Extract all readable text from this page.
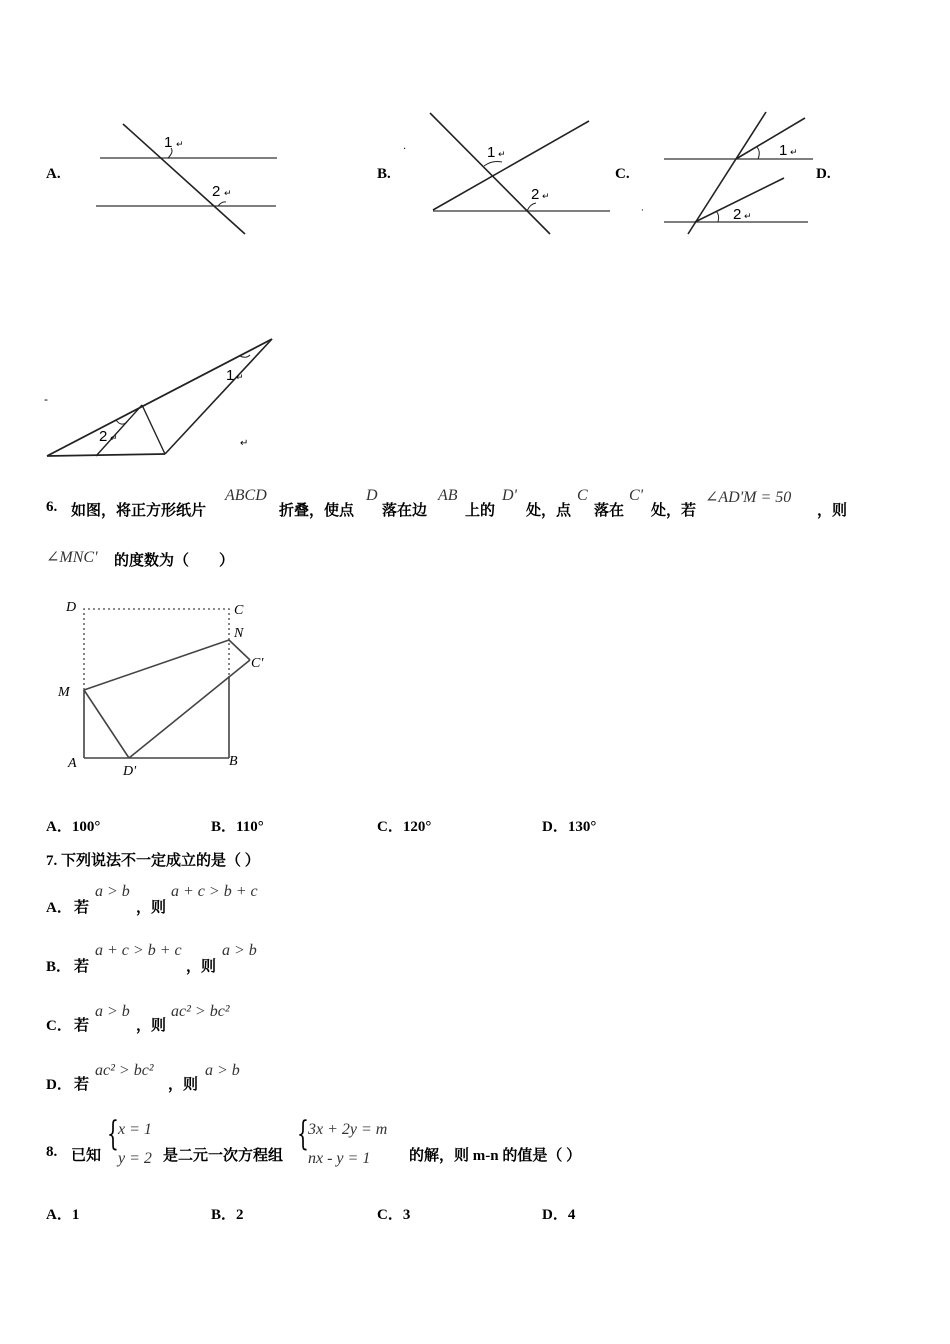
A.
1 ↵
2 ↵
B.
·	1 ↵
2 ↵
C.
1 ↵
2 ↵
·
D.
1 ↵
2 ↵	↵
-
6. 如图，将正方形纸片
ABCD
折叠，使点
D
落在边
AB
上的
D'
处，点
C
落在
C'
处，若
∠AD'M = 50
，则
∠MNC' 的度数为（　　）
D	C
N
C'
M
A
D'
B
A．100°	B．110°	C．120°	D．130°
7. 下列说法不一定成立的是（ ）
A． 若
a > b
，则
a + c > b + c
B． 若
a + c > b + c
，则
a > b
C． 若
a > b
，则
ac² > bc²
D． 若
ac² > bc²
，则
a > b
8. 已知
{ x = 1
y = 2 是二元一次方程组
{ 3x + 2y = m
nx - y = 1	的解，则 m-n 的值是（ ）
A．1	B．2	C．3	D．4
